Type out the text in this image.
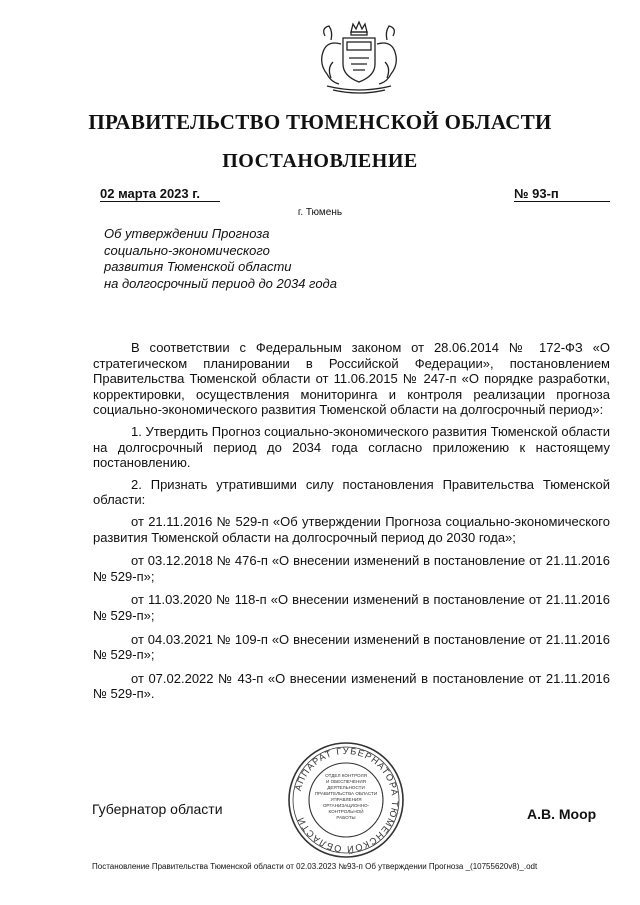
ПРАВИТЕЛЬСТВО ТЮМЕНСКОЙ ОБЛАСТИ
ПОСТАНОВЛЕНИЕ
02 марта 2023 г.	№ 93-п
г. Тюмень
Об утверждении Прогноза
социально-экономического
развития Тюменской области
на долгосрочный период до 2034 года

В соответствии с Федеральным законом от 28.06.2014 № 172-ФЗ «О стратегическом планировании в Российской Федерации», постановлением Правительства Тюменской области от 11.06.2015 № 247-п «О порядке разработки, корректировки, осуществления мониторинга и контроля реализации прогноза социально-экономического развития Тюменской области на долгосрочный период»:

1. Утвердить Прогноз социально-экономического развития Тюменской области на долгосрочный период до 2034 года согласно приложению к настоящему постановлению.

2. Признать утратившими силу постановления Правительства Тюменской области:

от 21.11.2016 № 529-п «Об утверждении Прогноза социально-экономического развития Тюменской области на долгосрочный период до 2030 года»;

от 03.12.2018 № 476-п «О внесении изменений в постановление от 21.11.2016 № 529-п»;

от 11.03.2020 № 118-п «О внесении изменений в постановление от 21.11.2016 № 529-п»;

от 04.03.2021 № 109-п «О внесении изменений в постановление от 21.11.2016 № 529-п»;

от 07.02.2022 № 43-п «О внесении изменений в постановление от 21.11.2016 № 529-п».

АППАРАТ ГУБЕРНАТОРА ТЮМЕНСКОЙ ОБЛАСТИ
ОТДЕЛ КОНТРОЛЯ
И ОБЕСПЕЧЕНИЯ
ДЕЯТЕЛЬНОСТИ
ПРАВИТЕЛЬСТВА ОБЛАСТИ
УПРАВЛЕНИЯ
ОРГАНИЗАЦИОННО-
КОНТРОЛЬНОЙ
РАБОТЫ
Губернатор области	А.В. Моор
Постановление Правительства Тюменской области от 02.03.2023 №93-п Об утверждении Прогноза _(10755620v8)_.odt
